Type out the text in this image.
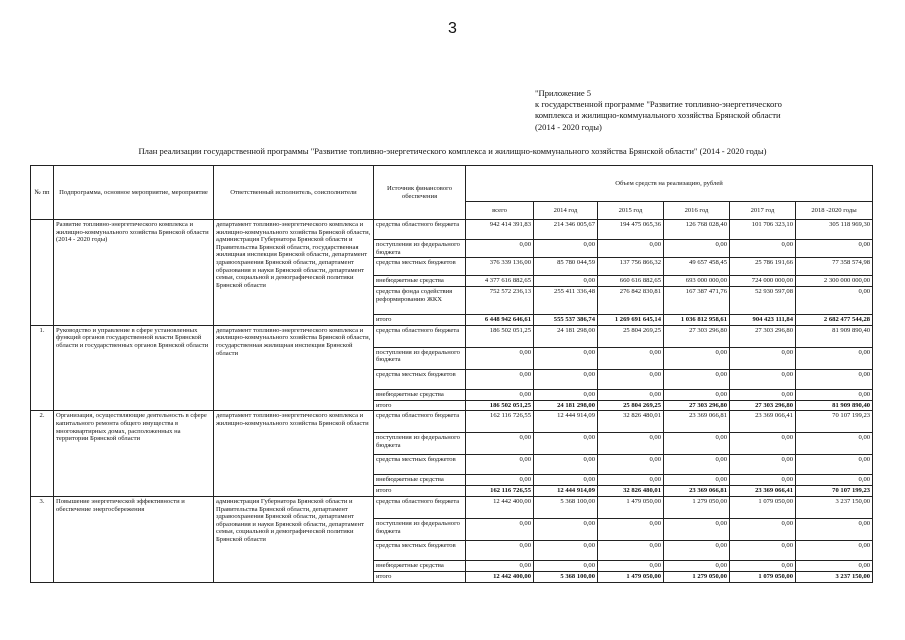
3
"Приложение 5
к государственной программе "Развитие топливно-энергетического
комплекса и жилищно-коммунального хозяйства Брянской области
(2014 - 2020 годы)
План реализации государственной программы "Развитие топливно-энергетического комплекса и жилищно-коммунального хозяйства Брянской области" (2014 - 2020 годы)
№ пп	Подпрограмма, основное мероприятие, мероприятие	Ответственный исполнитель, соисполнители	Источник финансового обеспечения	Объем средств на реализацию, рублей					
				всего	2014 год	2015 год	2016 год	2017 год	2018 -2020 годы
	Развитие топливно-энергетического комплекса и жилищно-коммунального хозяйства Брянской области (2014 - 2020 годы)	департамент топливно-энергетического комплекса и жилищно-коммунального хозяйства Брянской области, администрация Губернатора Брянской области и Правительства Брянской области, государственная жилищная инспекция Брянской области, департамент здравоохранения Брянской области, департамент образования и науки Брянской области, департамент семьи, социальной и демографической политики Брянской области	средства областного бюджета	942 414 391,83	214 346 005,67	194 475 065,36	126 768 028,40	101 706 323,10	305 118 969,30
			поступления из федерального бюджета	0,00	0,00	0,00	0,00	0,00	0,00
			средства местных бюджетов	376 339 136,00	85 780 044,59	137 756 866,32	49 657 458,45	25 786 191,66	77 358 574,98
			внебюджетные средства	4 377 616 882,65	0,00	660 616 882,65	693 000 000,00	724 000 000,00	2 300 000 000,00
			средства фонда содействия реформированию ЖКХ	752 572 236,13	255 411 336,48	276 842 830,81	167 387 471,76	52 930 597,08	0,00
			итого	6 448 942 646,61	555 537 386,74	1 269 691 645,14	1 036 812 958,61	904 423 111,84	2 682 477 544,28
1.	Руководство и управление в сфере установленных функций органов государственной власти Брянской области и государственных органов Брянской области	департамент топливно-энергетического комплекса и жилищно-коммунального хозяйства Брянской области, государственная жилищная инспекция Брянской области	средства областного бюджета	186 502 051,25	24 181 298,00	25 804 269,25	27 303 296,80	27 303 296,80	81 909 890,40
			поступления из федерального бюджета	0,00	0,00	0,00	0,00	0,00	0,00
			средства местных бюджетов	0,00	0,00	0,00	0,00	0,00	0,00
			внебюджетные средства	0,00	0,00	0,00	0,00	0,00	0,00
			итого	186 502 051,25	24 181 298,00	25 804 269,25	27 303 296,80	27 303 296,80	81 909 890,40
2.	Организация, осуществляющие деятельность в сфере капитального ремонта общего имущества в многоквартирных домах, расположенных на территории Брянской области	департамент топливно-энергетического комплекса и жилищно-коммунального хозяйства Брянской области	средства областного бюджета	162 116 726,55	12 444 914,09	32 826 480,01	23 369 066,81	23 369 066,41	70 107 199,23
			поступления из федерального бюджета	0,00	0,00	0,00	0,00	0,00	0,00
			средства местных бюджетов	0,00	0,00	0,00	0,00	0,00	0,00
			внебюджетные средства	0,00	0,00	0,00	0,00	0,00	0,00
			итого	162 116 726,55	12 444 914,09	32 826 480,01	23 369 066,81	23 369 066,41	70 107 199,23
3.	Повышение энергетической эффективности и обеспечение энергосбережения	администрация Губернатора Брянской области и Правительства Брянской области, департамент здравоохранения Брянской области, департамент образования и науки Брянской области, департамент семьи, социальной и демографической политики Брянской области	средства областного бюджета	12 442 400,00	5 368 100,00	1 479 050,00	1 279 050,00	1 079 050,00	3 237 150,00
			поступления из федерального бюджета	0,00	0,00	0,00	0,00	0,00	0,00
			средства местных бюджетов	0,00	0,00	0,00	0,00	0,00	0,00
			внебюджетные средства	0,00	0,00	0,00	0,00	0,00	0,00
			итого	12 442 400,00	5 368 100,00	1 479 050,00	1 279 050,00	1 079 050,00	3 237 150,00
